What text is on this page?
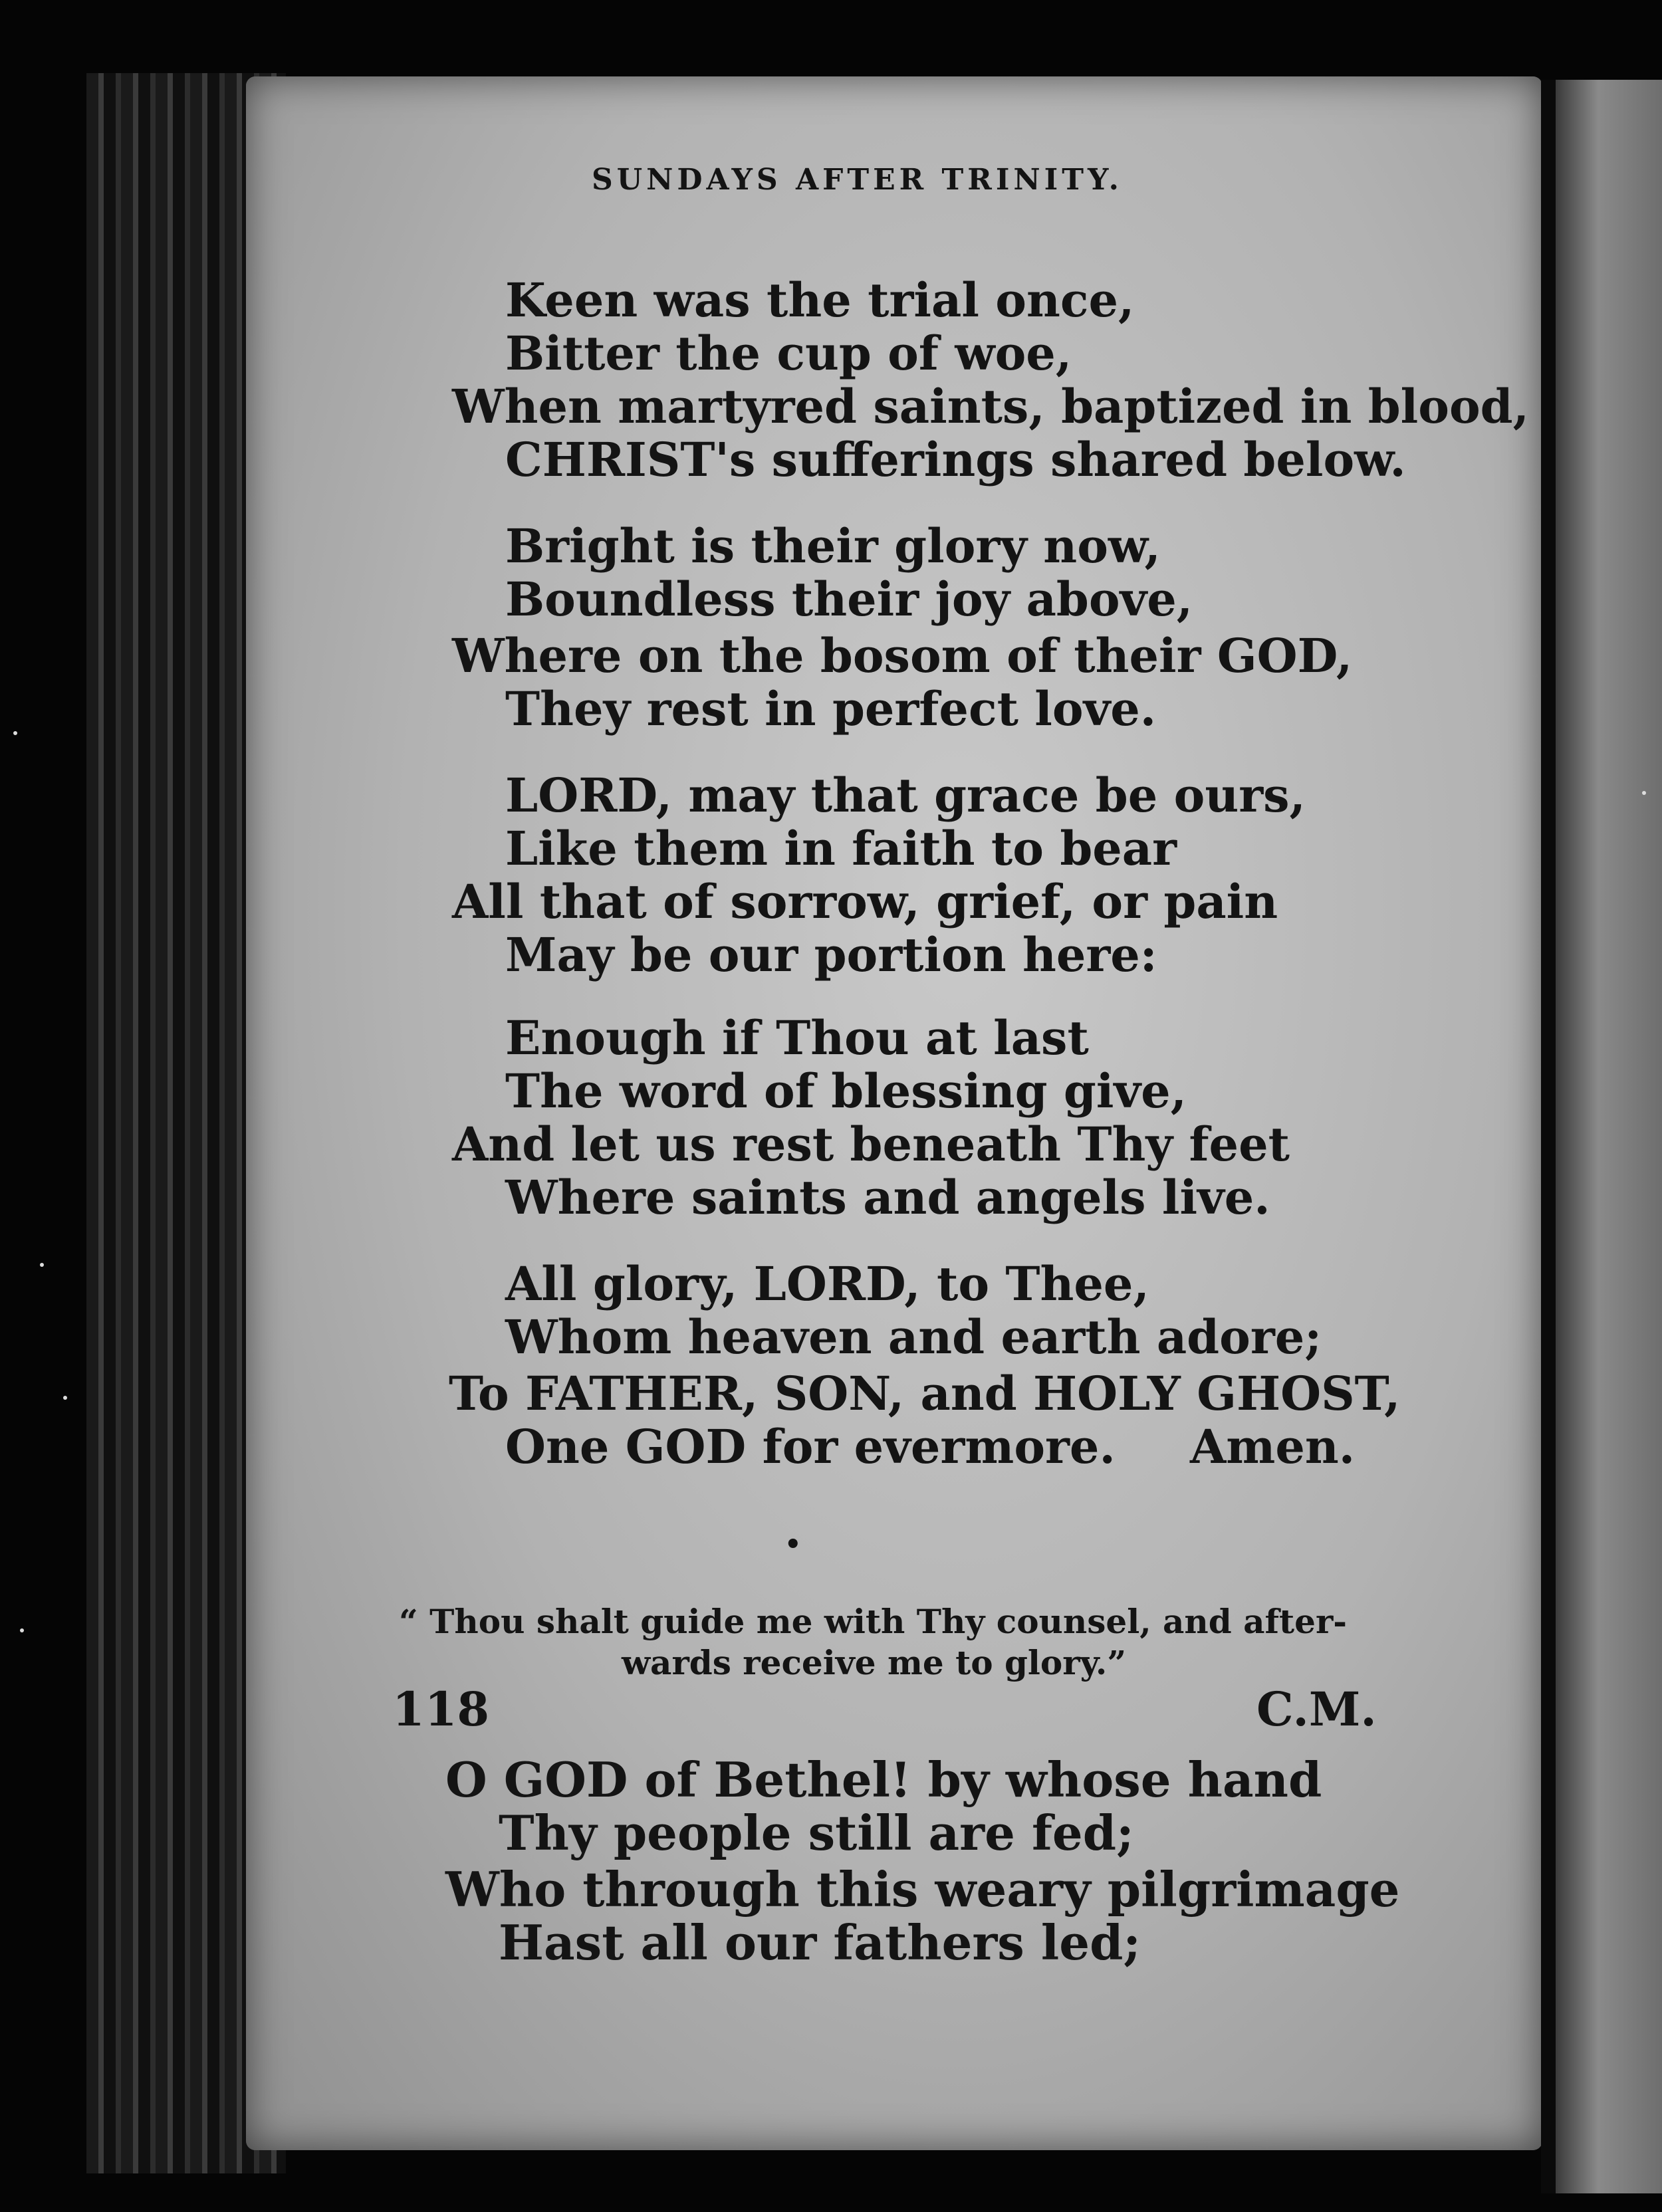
SUNDAYS AFTER TRINITY.
Keen was the trial once,
Bitter the cup of woe,
When martyred saints, baptized in blood,
CHRIST's sufferings shared below.
Bright is their glory now,
Boundless their joy above,
Where on the bosom of their GOD,
They rest in perfect love.
LORD, may that grace be ours,
Like them in faith to bear
All that of sorrow, grief, or pain
May be our portion here:
Enough if Thou at last
The word of blessing give,
And let us rest beneath Thy feet
Where saints and angels live.
All glory, LORD, to Thee,
Whom heaven and earth adore;
To FATHER, SON, and HOLY GHOST,
One GOD for evermore. Amen.
•
“ Thou shalt guide me with Thy counsel, and after-
wards receive me to glory.”
118	C.M.
O GOD of Bethel! by whose hand
Thy people still are fed;
Who through this weary pilgrimage
Hast all our fathers led;
